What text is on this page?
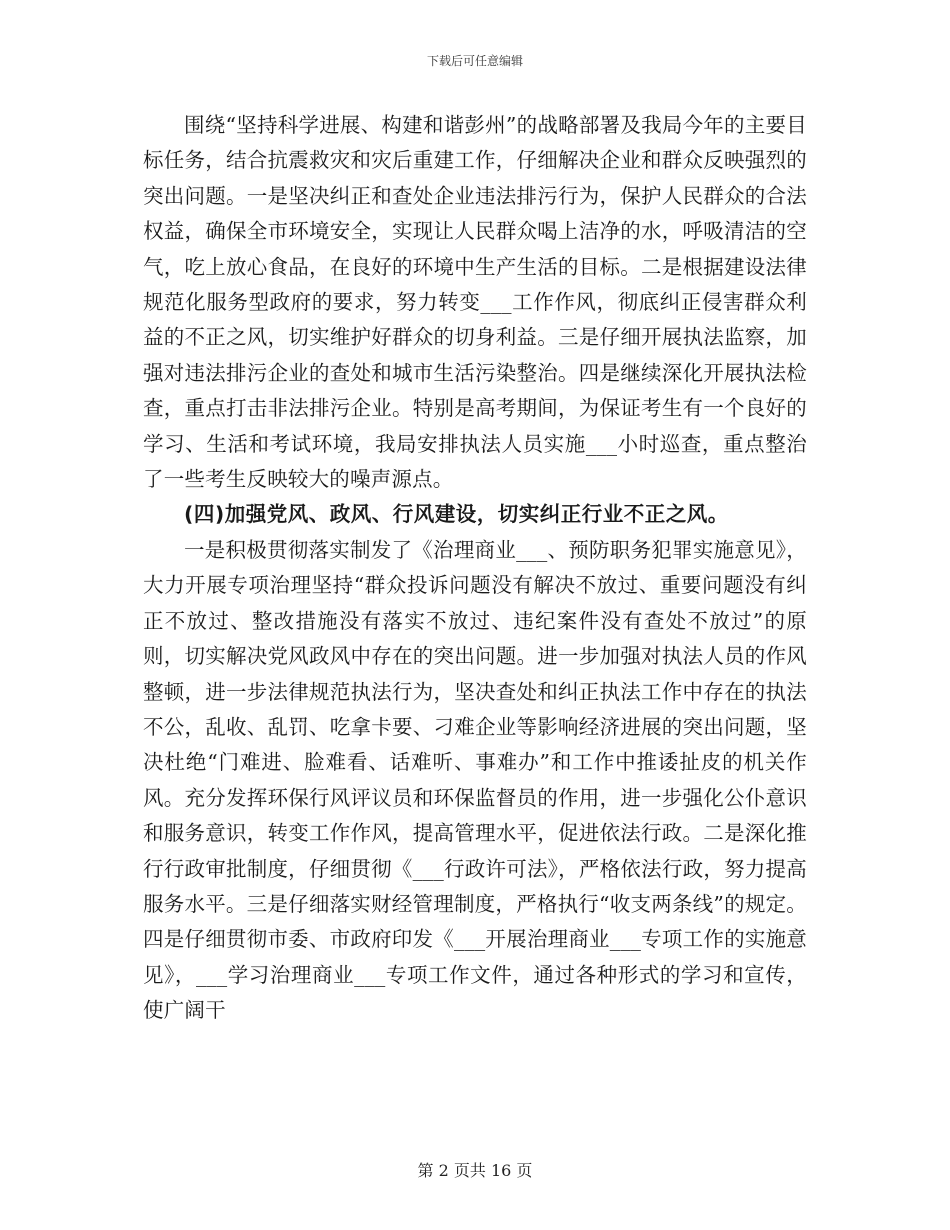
下载后可任意编辑

围绕“坚持科学进展、构建和谐彭州”的战略部署及我局今年的主要目标任务，结合抗震救灾和灾后重建工作，仔细解决企业和群众反映强烈的突出问题。一是坚决纠正和查处企业违法排污行为，保护人民群众的合法权益，确保全市环境安全，实现让人民群众喝上洁净的水，呼吸清洁的空气，吃上放心食品，在良好的环境中生产生活的目标。二是根据建设法律规范化服务型政府的要求，努力转变___工作作风，彻底纠正侵害群众利益的不正之风，切实维护好群众的切身利益。三是仔细开展执法监察，加强对违法排污企业的查处和城市生活污染整治。四是继续深化开展执法检查，重点打击非法排污企业。特别是高考期间，为保证考生有一个良好的学习、生活和考试环境，我局安排执法人员实施___小时巡查，重点整治了一些考生反映较大的噪声源点。

(四)加强党风、政风、行风建设，切实纠正行业不正之风。

一是积极贯彻落实制发了《治理商业___、预防职务犯罪实施意见》，大力开展专项治理坚持“群众投诉问题没有解决不放过、重要问题没有纠正不放过、整改措施没有落实不放过、违纪案件没有查处不放过”的原则，切实解决党风政风中存在的突出问题。进一步加强对执法人员的作风整顿，进一步法律规范执法行为，坚决查处和纠正执法工作中存在的执法不公，乱收、乱罚、吃拿卡要、刁难企业等影响经济进展的突出问题，坚决杜绝“门难进、脸难看、话难听、事难办”和工作中推诿扯皮的机关作风。充分发挥环保行风评议员和环保监督员的作用，进一步强化公仆意识和服务意识，转变工作作风，提高管理水平，促进依法行政。二是深化推行行政审批制度，仔细贯彻《___行政许可法》，严格依法行政，努力提高服务水平。三是仔细落实财经管理制度，严格执行“收支两条线”的规定。四是仔细贯彻市委、市政府印发《___开展治理商业___专项工作的实施意见》，___学习治理商业___专项工作文件，通过各种形式的学习和宣传，使广阔干

第 2 页共 16 页
